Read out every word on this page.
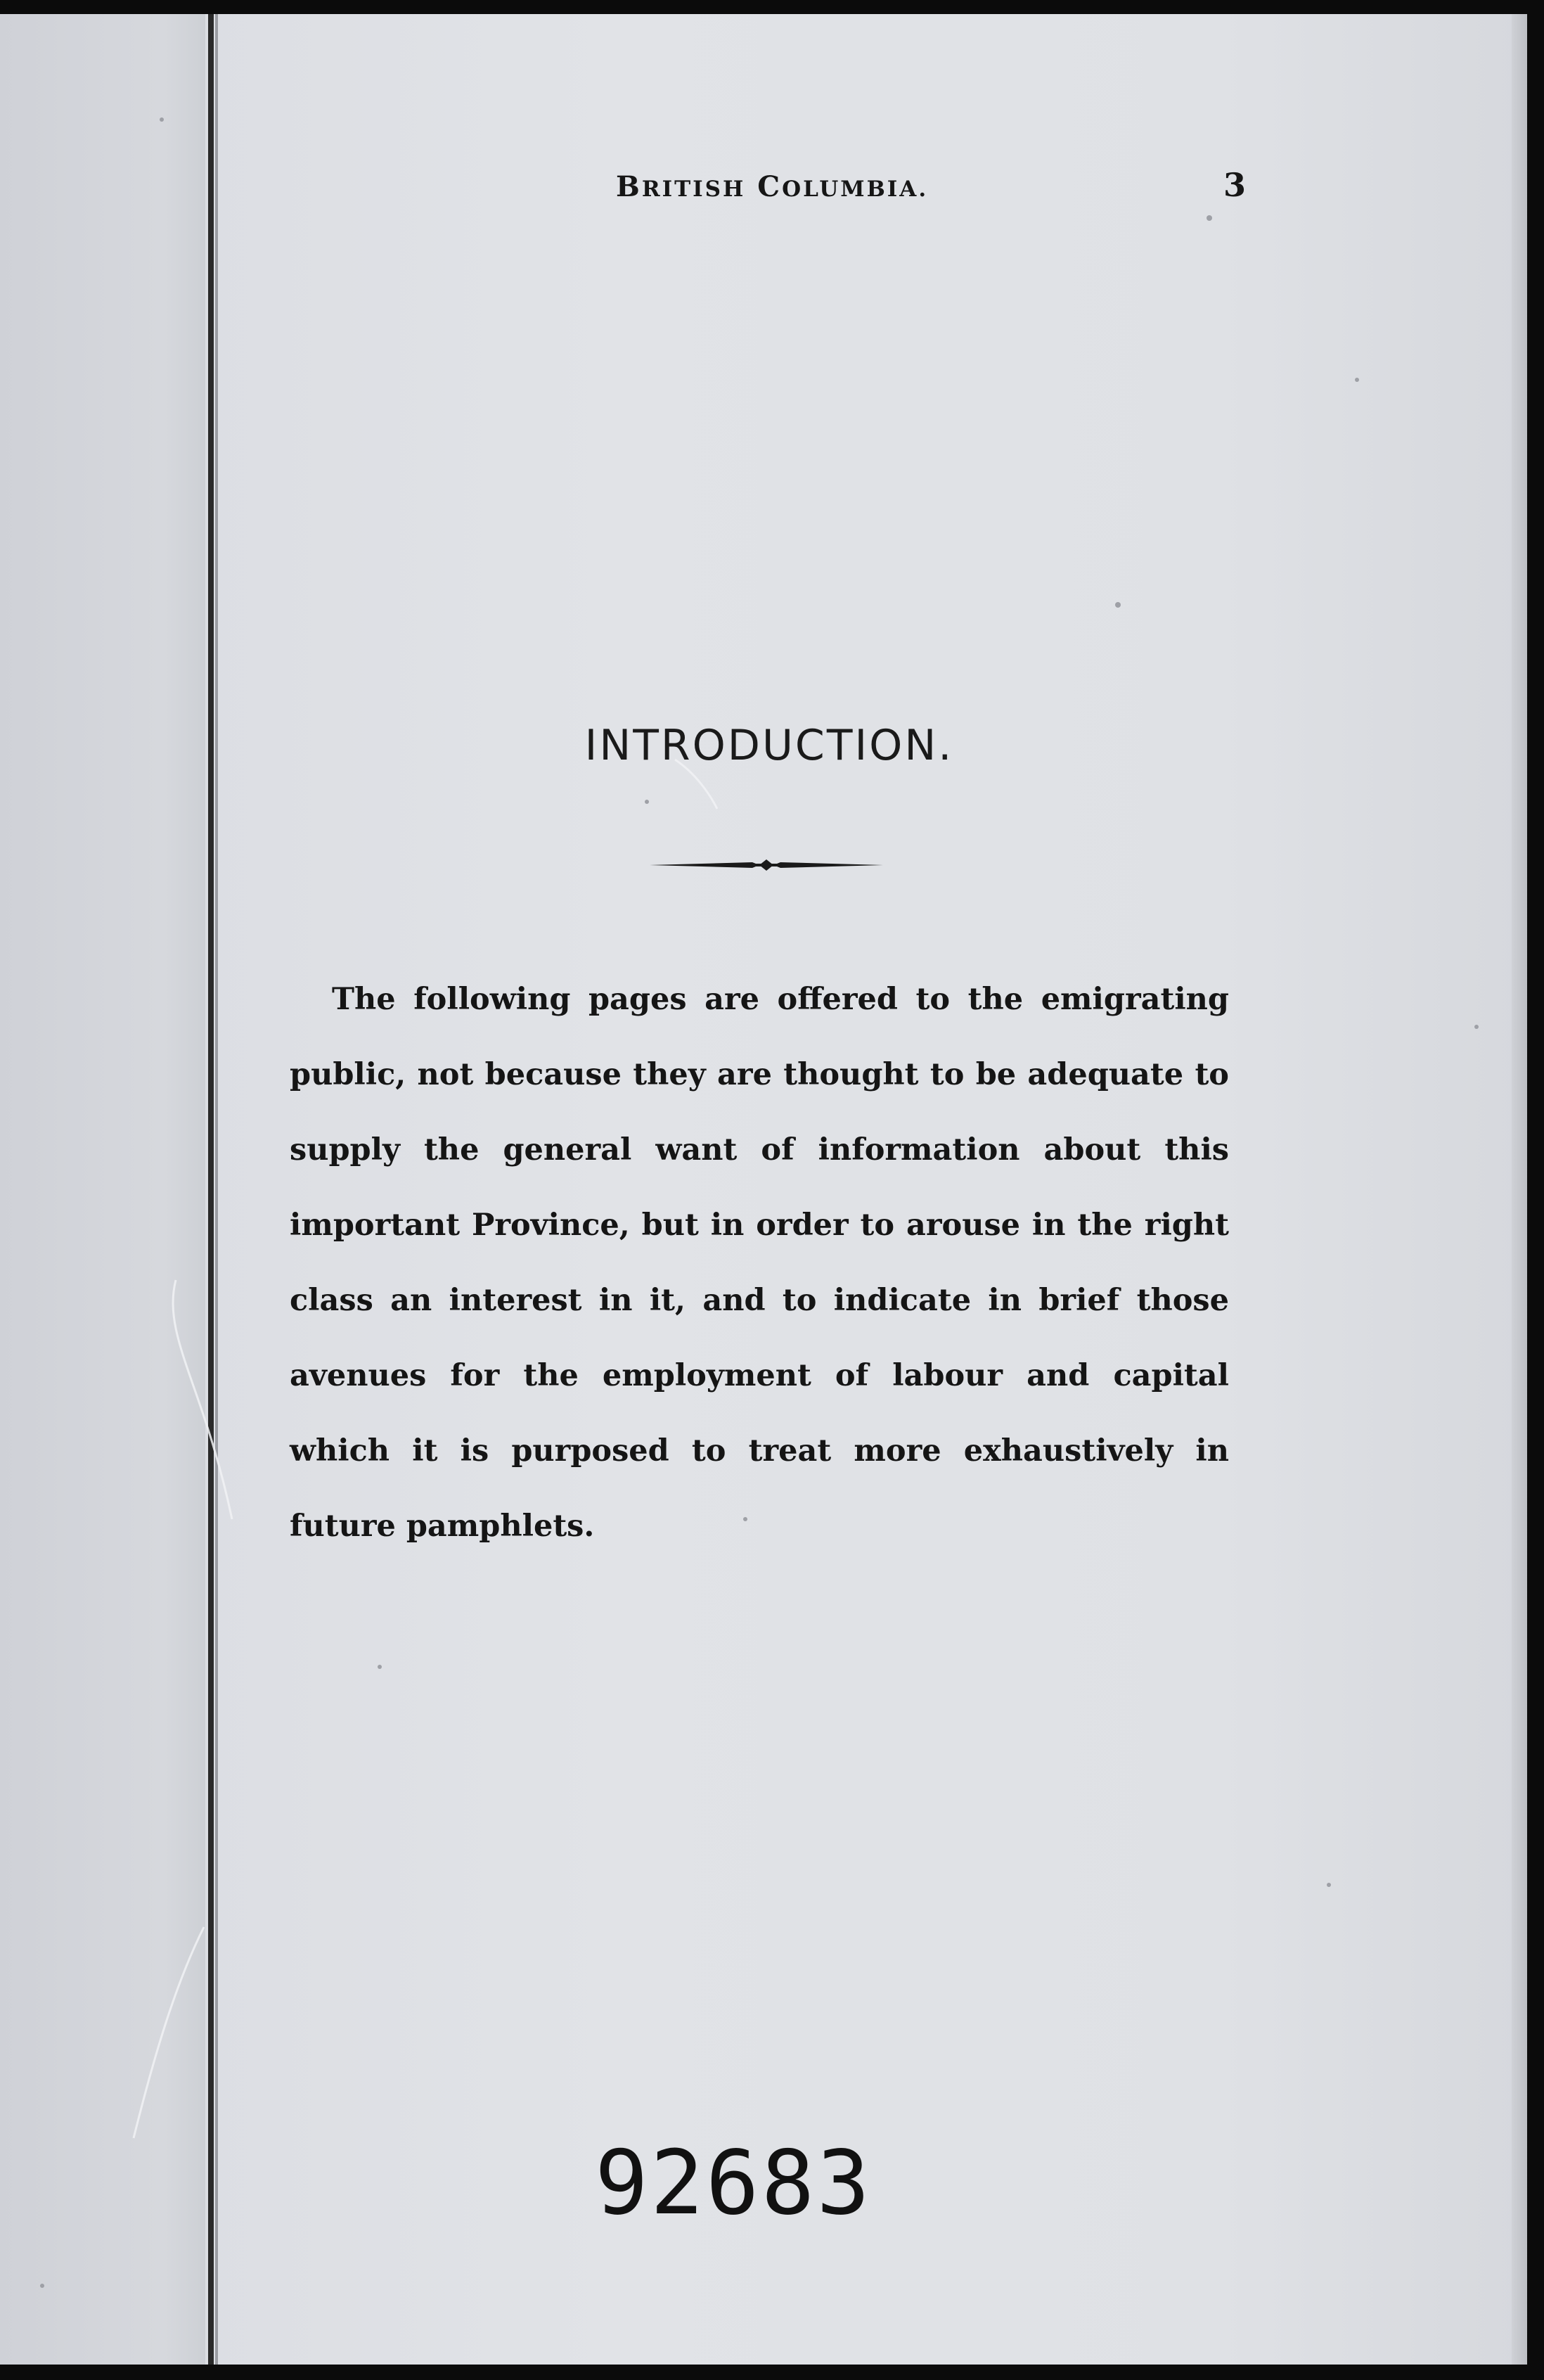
BRITISH COLUMBIA.	3
INTRODUCTION.

The following pages are offered to the emigrating public, not because they are thought to be adequate to supply the general want of information about this important Province, but in order to arouse in the right class an interest in it, and to indicate in brief those avenues for the employment of labour and capital which it is purposed to treat more exhaustively in future pamphlets.

92683
